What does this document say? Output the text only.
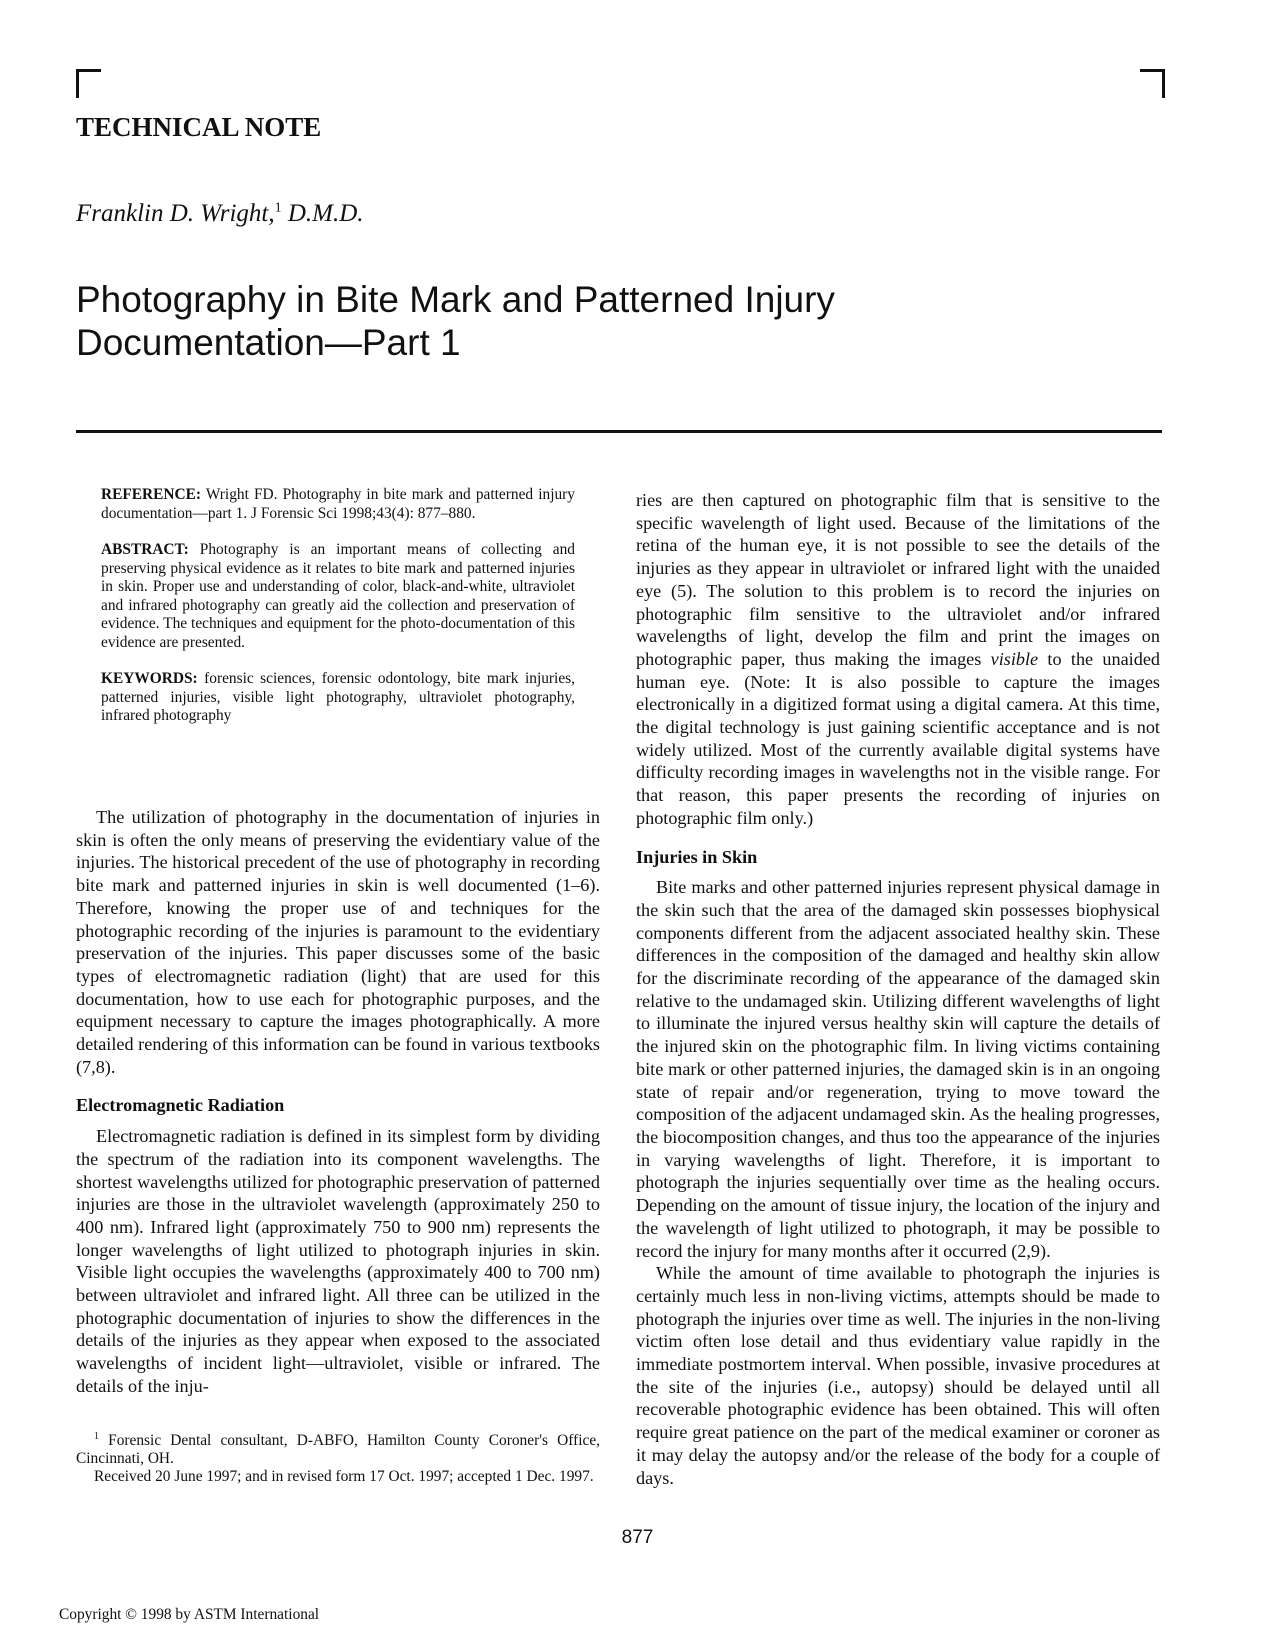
TECHNICAL NOTE

Franklin D. Wright,$^1$ D.M.D.

Photography in Bite Mark and Patterned Injury Documentation—Part 1

REFERENCE: Wright FD. Photography in bite mark and patterned injury documentation—part 1. J Forensic Sci 1998;43(4): 877–880.

ABSTRACT: Photography is an important means of collecting and preserving physical evidence as it relates to bite mark and patterned injuries in skin. Proper use and understanding of color, black-and-white, ultraviolet and infrared photography can greatly aid the collection and preservation of evidence. The techniques and equipment for the photo-documentation of this evidence are presented.

KEYWORDS: forensic sciences, forensic odontology, bite mark injuries, patterned injuries, visible light photography, ultraviolet photography, infrared photography

The utilization of photography in the documentation of injuries in skin is often the only means of preserving the evidentiary value of the injuries. The historical precedent of the use of photography in recording bite mark and patterned injuries in skin is well documented (1–6). Therefore, knowing the proper use of and techniques for the photographic recording of the injuries is paramount to the evidentiary preservation of the injuries. This paper discusses some of the basic types of electromagnetic radiation (light) that are used for this documentation, how to use each for photographic purposes, and the equipment necessary to capture the images photographically. A more detailed rendering of this information can be found in various textbooks (7,8).

Electromagnetic Radiation

Electromagnetic radiation is defined in its simplest form by dividing the spectrum of the radiation into its component wavelengths. The shortest wavelengths utilized for photographic preservation of patterned injuries are those in the ultraviolet wavelength (approximately 250 to 400 nm). Infrared light (approximately 750 to 900 nm) represents the longer wavelengths of light utilized to photograph injuries in skin. Visible light occupies the wavelengths (approximately 400 to 700 nm) between ultraviolet and infrared light. All three can be utilized in the photographic documentation of injuries to show the differences in the details of the injuries as they appear when exposed to the associated wavelengths of incident light—ultraviolet, visible or infrared. The details of the inju-

ries are then captured on photographic film that is sensitive to the specific wavelength of light used. Because of the limitations of the retina of the human eye, it is not possible to see the details of the injuries as they appear in ultraviolet or infrared light with the unaided eye (5). The solution to this problem is to record the injuries on photographic film sensitive to the ultraviolet and/or infrared wavelengths of light, develop the film and print the images on photographic paper, thus making the images visible to the unaided human eye. (Note: It is also possible to capture the images electronically in a digitized format using a digital camera. At this time, the digital technology is just gaining scientific acceptance and is not widely utilized. Most of the currently available digital systems have difficulty recording images in wavelengths not in the visible range. For that reason, this paper presents the recording of injuries on photographic film only.)

Injuries in Skin

Bite marks and other patterned injuries represent physical damage in the skin such that the area of the damaged skin possesses biophysical components different from the adjacent associated healthy skin. These differences in the composition of the damaged and healthy skin allow for the discriminate recording of the appearance of the damaged skin relative to the undamaged skin. Utilizing different wavelengths of light to illuminate the injured versus healthy skin will capture the details of the injured skin on the photographic film. In living victims containing bite mark or other patterned injuries, the damaged skin is in an ongoing state of repair and/or regeneration, trying to move toward the composition of the adjacent undamaged skin. As the healing progresses, the biocomposition changes, and thus too the appearance of the injuries in varying wavelengths of light. Therefore, it is important to photograph the injuries sequentially over time as the healing occurs. Depending on the amount of tissue injury, the location of the injury and the wavelength of light utilized to photograph, it may be possible to record the injury for many months after it occurred (2,9).

While the amount of time available to photograph the injuries is certainly much less in non-living victims, attempts should be made to photograph the injuries over time as well. The injuries in the non-living victim often lose detail and thus evidentiary value rapidly in the immediate postmortem interval. When possible, invasive procedures at the site of the injuries (i.e., autopsy) should be delayed until all recoverable photographic evidence has been obtained. This will often require great patience on the part of the medical examiner or coroner as it may delay the autopsy and/or the release of the body for a couple of days.

$^1$ Forensic Dental consultant, D-ABFO, Hamilton County Coroner's Office, Cincinnati, OH.

Received 20 June 1997; and in revised form 17 Oct. 1997; accepted 1 Dec. 1997.

877
Copyright © 1998 by ASTM International
